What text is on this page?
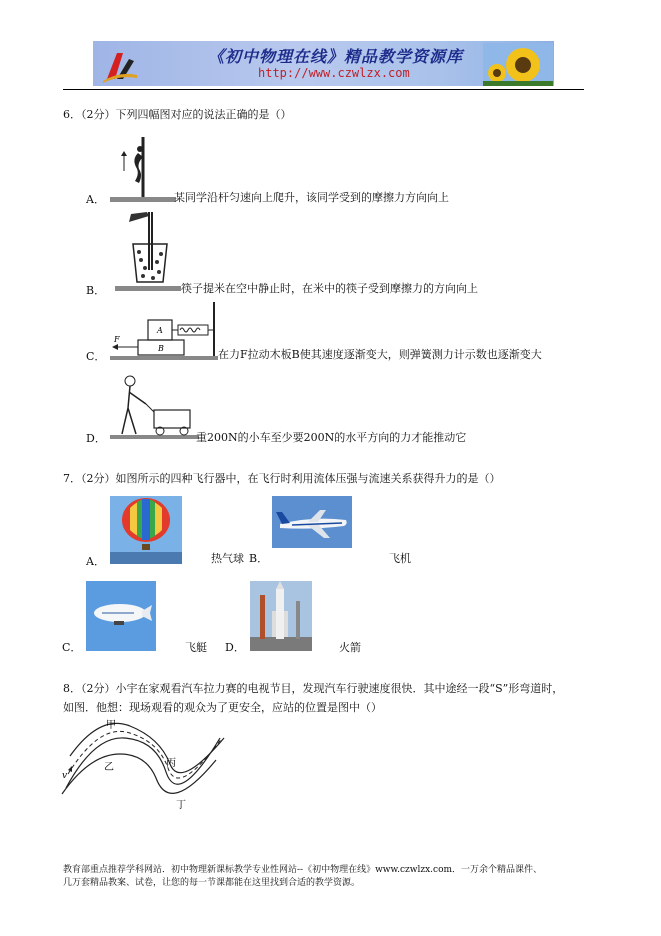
《初中物理在线》精品教学资源库
http://www.czwlzx.com
6．（2分）下列四幅图对应的说法正确的是（）
A．	某同学沿杆匀速向上爬升，该同学受到的摩擦力方向向上
B．	筷子提米在空中静止时，在米中的筷子受到摩擦力的方向向上
C．
F
A
B	在力F拉动木板B使其速度逐渐变大，则弹簧测力计示数也逐渐变大
D．	重200N的小车至少要200N的水平方向的力才能推动它
7．（2分）如图所示的四种飞行器中，在飞行时利用流体压强与流速关系获得升力的是（）
A．	热气球 B．	飞机
C．	飞艇 D．	火箭
8．（2分）小宇在家观看汽车拉力赛的电视节目，发现汽车行驶速度很快．其中途经一段“S”形弯道时，
如图．他想：现场观看的观众为了更安全，应站的位置是图中（）
甲
乙	丙
丁
v
教育部重点推荐学科网站．初中物理新课标教学专业性网站--《初中物理在线》www.czwlzx.com．一万余个精品课件、
几万套精品教案、试卷，让您的每一节课都能在这里找到合适的教学资源。
